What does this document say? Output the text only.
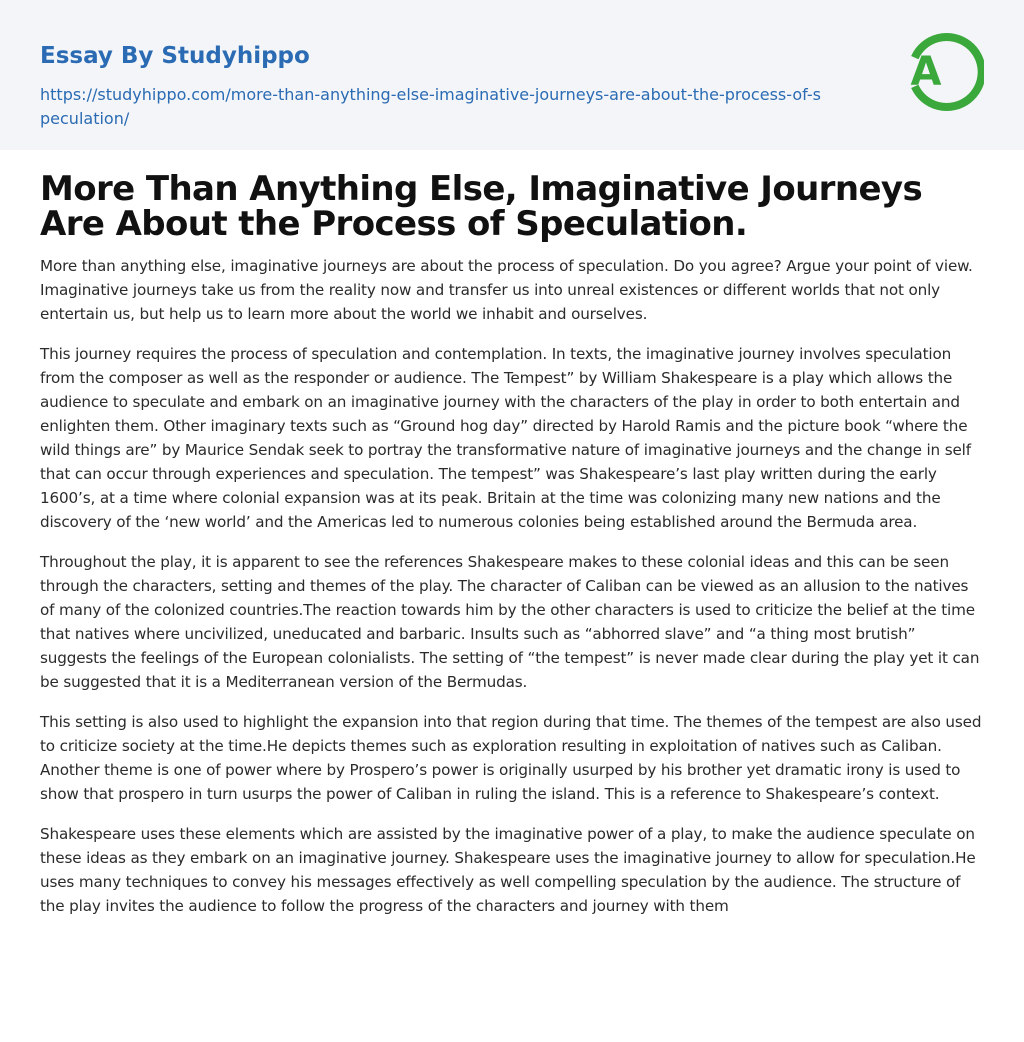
Essay By Studyhippo
https://studyhippo.com/more-than-anything-else-imaginative-journeys-are-about-the-process-of-speculation/
A
More Than Anything Else, Imaginative Journeys Are About the Process of Speculation.

More than anything else, imaginative journeys are about the process of speculation. Do you agree? Argue your point of view. Imaginative journeys take us from the reality now and transfer us into unreal existences or different worlds that not only entertain us, but help us to learn more about the world we inhabit and ourselves.

This journey requires the process of speculation and contemplation. In texts, the imaginative journey involves speculation from the composer as well as the responder or audience. The Tempest” by William Shakespeare is a play which allows the audience to speculate and embark on an imaginative journey with the characters of the play in order to both entertain and enlighten them. Other imaginary texts such as “Ground hog day” directed by Harold Ramis and the picture book “where the wild things are” by Maurice Sendak seek to portray the transformative nature of imaginative journeys and the change in self that can occur through experiences and speculation. The tempest” was Shakespeare’s last play written during the early 1600’s, at a time where colonial expansion was at its peak. Britain at the time was colonizing many new nations and the discovery of the ‘new world’ and the Americas led to numerous colonies being established around the Bermuda area.

Throughout the play, it is apparent to see the references Shakespeare makes to these colonial ideas and this can be seen through the characters, setting and themes of the play. The character of Caliban can be viewed as an allusion to the natives of many of the colonized countries.The reaction towards him by the other characters is used to criticize the belief at the time that natives where uncivilized, uneducated and barbaric. Insults such as “abhorred slave” and “a thing most brutish” suggests the feelings of the European colonialists. The setting of “the tempest” is never made clear during the play yet it can be suggested that it is a Mediterranean version of the Bermudas.

This setting is also used to highlight the expansion into that region during that time. The themes of the tempest are also used to criticize society at the time.He depicts themes such as exploration resulting in exploitation of natives such as Caliban. Another theme is one of power where by Prospero’s power is originally usurped by his brother yet dramatic irony is used to show that prospero in turn usurps the power of Caliban in ruling the island. This is a reference to Shakespeare’s context.

Shakespeare uses these elements which are assisted by the imaginative power of a play, to make the audience speculate on these ideas as they embark on an imaginative journey. Shakespeare uses the imaginative journey to allow for speculation.He uses many techniques to convey his messages effectively as well compelling speculation by the audience. The structure of the play invites the audience to follow the progress of the characters and journey with them
